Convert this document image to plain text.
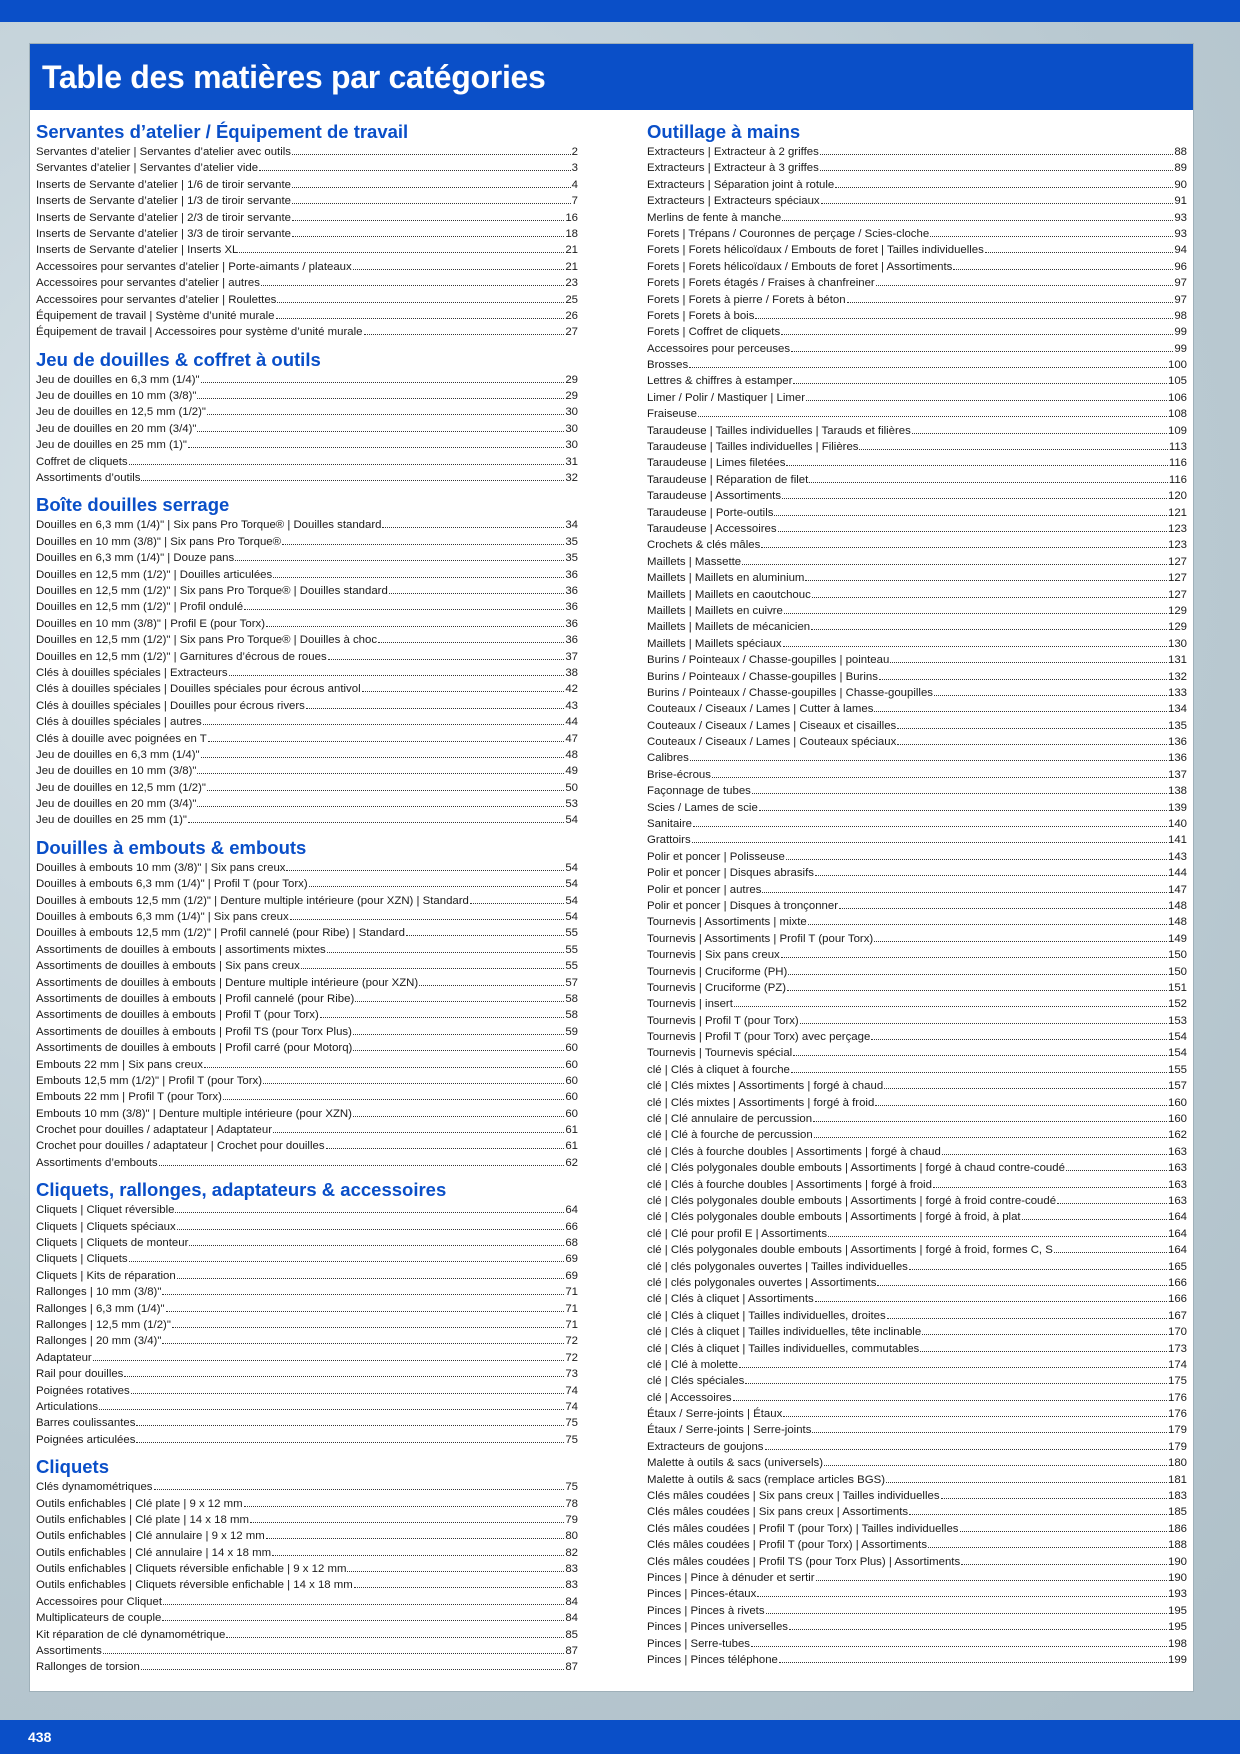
Table des matières par catégories
Servantes d’atelier / Équipement de travail
Servantes d’atelier | Servantes d’atelier avec outils	2
Servantes d’atelier | Servantes d’atelier vide	3
Inserts de Servante d’atelier | 1/6 de tiroir servante	4
Inserts de Servante d’atelier | 1/3 de tiroir servante	7
Inserts de Servante d’atelier | 2/3 de tiroir servante	16
Inserts de Servante d’atelier | 3/3 de tiroir servante	18
Inserts de Servante d’atelier | Inserts XL	21
Accessoires pour servantes d’atelier | Porte-aimants / plateaux	21
Accessoires pour servantes d’atelier | autres	23
Accessoires pour servantes d’atelier | Roulettes	25
Équipement de travail | Système d’unité murale	26
Équipement de travail | Accessoires pour système d’unité murale	27
Jeu de douilles & coffret à outils
Jeu de douilles en 6,3 mm (1/4)"	29
Jeu de douilles en 10 mm (3/8)"	29
Jeu de douilles en 12,5 mm (1/2)"	30
Jeu de douilles en 20 mm (3/4)"	30
Jeu de douilles en 25 mm (1)"	30
Coffret de cliquets	31
Assortiments d’outils	32
Boîte douilles serrage
Douilles en 6,3 mm (1/4)" | Six pans Pro Torque® | Douilles standard	34
Douilles en 10 mm (3/8)" | Six pans Pro Torque®	35
Douilles en 6,3 mm (1/4)" | Douze pans	35
Douilles en 12,5 mm (1/2)" | Douilles articulées	36
Douilles en 12,5 mm (1/2)" | Six pans Pro Torque® | Douilles standard	36
Douilles en 12,5 mm (1/2)" | Profil ondulé	36
Douilles en 10 mm (3/8)" | Profil E (pour Torx)	36
Douilles en 12,5 mm (1/2)" | Six pans Pro Torque® | Douilles à choc	36
Douilles en 12,5 mm (1/2)" | Garnitures d’écrous de roues	37
Clés à douilles spéciales | Extracteurs	38
Clés à douilles spéciales | Douilles spéciales pour écrous antivol	42
Clés à douilles spéciales | Douilles pour écrous rivers	43
Clés à douilles spéciales | autres	44
Clés à douille avec poignées en T	47
Jeu de douilles en 6,3 mm (1/4)"	48
Jeu de douilles en 10 mm (3/8)"	49
Jeu de douilles en 12,5 mm (1/2)"	50
Jeu de douilles en 20 mm (3/4)"	53
Jeu de douilles en 25 mm (1)"	54
Douilles à embouts & embouts
Douilles à embouts 10 mm (3/8)" | Six pans creux	54
Douilles à embouts 6,3 mm (1/4)" | Profil T (pour Torx)	54
Douilles à embouts 12,5 mm (1/2)" | Denture multiple intérieure (pour XZN) | Standard	54
Douilles à embouts 6,3 mm (1/4)" | Six pans creux	54
Douilles à embouts 12,5 mm (1/2)" | Profil cannelé (pour Ribe) | Standard	55
Assortiments de douilles à embouts | assortiments mixtes	55
Assortiments de douilles à embouts | Six pans creux	55
Assortiments de douilles à embouts | Denture multiple intérieure (pour XZN)	57
Assortiments de douilles à embouts | Profil cannelé (pour Ribe)	58
Assortiments de douilles à embouts | Profil T (pour Torx)	58
Assortiments de douilles à embouts | Profil TS (pour Torx Plus)	59
Assortiments de douilles à embouts | Profil carré (pour Motorq)	60
Embouts 22 mm | Six pans creux	60
Embouts 12,5 mm (1/2)" | Profil T (pour Torx)	60
Embouts 22 mm | Profil T (pour Torx)	60
Embouts 10 mm (3/8)" | Denture multiple intérieure (pour XZN)	60
Crochet pour douilles / adaptateur | Adaptateur	61
Crochet pour douilles / adaptateur | Crochet pour douilles	61
Assortiments d’embouts	62
Cliquets, rallonges, adaptateurs & accessoires
Cliquets | Cliquet réversible	64
Cliquets | Cliquets spéciaux	66
Cliquets | Cliquets de monteur	68
Cliquets | Cliquets	69
Cliquets | Kits de réparation	69
Rallonges | 10 mm (3/8)"	71
Rallonges | 6,3 mm (1/4)"	71
Rallonges | 12,5 mm (1/2)"	71
Rallonges | 20 mm (3/4)"	72
Adaptateur	72
Rail pour douilles	73
Poignées rotatives	74
Articulations	74
Barres coulissantes	75
Poignées articulées	75
Cliquets
Clés dynamométriques	75
Outils enfichables | Clé plate | 9 x 12 mm	78
Outils enfichables | Clé plate | 14 x 18 mm	79
Outils enfichables | Clé annulaire | 9 x 12 mm	80
Outils enfichables | Clé annulaire | 14 x 18 mm	82
Outils enfichables | Cliquets réversible enfichable | 9 x 12 mm	83
Outils enfichables | Cliquets réversible enfichable | 14 x 18 mm	83
Accessoires pour Cliquet	84
Multiplicateurs de couple	84
Kit réparation de clé dynamométrique	85
Assortiments	87
Rallonges de torsion	87
Outillage à mains
Extracteurs | Extracteur à 2 griffes	88
Extracteurs | Extracteur à 3 griffes	89
Extracteurs | Séparation joint à rotule	90
Extracteurs | Extracteurs spéciaux	91
Merlins de fente à manche	93
Forets | Trépans / Couronnes de perçage / Scies-cloche	93
Forets | Forets hélicoïdaux / Embouts de foret | Tailles individuelles	94
Forets | Forets hélicoïdaux / Embouts de foret | Assortiments	96
Forets | Forets étagés / Fraises à chanfreiner	97
Forets | Forets à pierre / Forets à béton	97
Forets | Forets à bois	98
Forets | Coffret de cliquets	99
Accessoires pour perceuses	99
Brosses	100
Lettres & chiffres à estamper	105
Limer / Polir / Mastiquer | Limer	106
Fraiseuse	108
Taraudeuse | Tailles individuelles | Tarauds et filières	109
Taraudeuse | Tailles individuelles | Filières	113
Taraudeuse | Limes filetées	116
Taraudeuse | Réparation de filet	116
Taraudeuse | Assortiments	120
Taraudeuse | Porte-outils	121
Taraudeuse | Accessoires	123
Crochets & clés mâles	123
Maillets | Massette	127
Maillets | Maillets en aluminium	127
Maillets | Maillets en caoutchouc	127
Maillets | Maillets en cuivre	129
Maillets | Maillets de mécanicien	129
Maillets | Maillets spéciaux	130
Burins / Pointeaux / Chasse-goupilles | pointeau	131
Burins / Pointeaux / Chasse-goupilles | Burins	132
Burins / Pointeaux / Chasse-goupilles | Chasse-goupilles	133
Couteaux / Ciseaux / Lames | Cutter à lames	134
Couteaux / Ciseaux / Lames | Ciseaux et cisailles	135
Couteaux / Ciseaux / Lames | Couteaux spéciaux	136
Calibres	136
Brise-écrous	137
Façonnage de tubes	138
Scies / Lames de scie	139
Sanitaire	140
Grattoirs	141
Polir et poncer | Polisseuse	143
Polir et poncer | Disques abrasifs	144
Polir et poncer | autres	147
Polir et poncer | Disques à tronçonner	148
Tournevis | Assortiments | mixte	148
Tournevis | Assortiments | Profil T (pour Torx)	149
Tournevis | Six pans creux	150
Tournevis | Cruciforme (PH)	150
Tournevis | Cruciforme (PZ)	151
Tournevis | insert	152
Tournevis | Profil T (pour Torx)	153
Tournevis | Profil T (pour Torx) avec perçage	154
Tournevis | Tournevis spécial	154
clé | Clés à cliquet à fourche	155
clé | Clés mixtes | Assortiments | forgé à chaud	157
clé | Clés mixtes | Assortiments | forgé à froid	160
clé | Clé annulaire de percussion	160
clé | Clé à fourche de percussion	162
clé | Clés à fourche doubles | Assortiments | forgé à chaud	163
clé | Clés polygonales double embouts | Assortiments | forgé à chaud contre-coudé	163
clé | Clés à fourche doubles | Assortiments | forgé à froid	163
clé | Clés polygonales double embouts | Assortiments | forgé à froid contre-coudé	163
clé | Clés polygonales double embouts | Assortiments | forgé à froid, à plat	164
clé | Clé pour profil E | Assortiments	164
clé | Clés polygonales double embouts | Assortiments | forgé à froid, formes C, S	164
clé | clés polygonales ouvertes | Tailles individuelles	165
clé | clés polygonales ouvertes | Assortiments	166
clé | Clés à cliquet | Assortiments	166
clé | Clés à cliquet | Tailles individuelles, droites	167
clé | Clés à cliquet | Tailles individuelles, tête inclinable	170
clé | Clés à cliquet | Tailles individuelles, commutables	173
clé | Clé à molette	174
clé | Clés spéciales	175
clé | Accessoires	176
Étaux / Serre-joints | Étaux	176
Étaux / Serre-joints | Serre-joints	179
Extracteurs de goujons	179
Malette à outils & sacs (universels)	180
Malette à outils & sacs (remplace articles BGS)	181
Clés mâles coudées | Six pans creux | Tailles individuelles	183
Clés mâles coudées | Six pans creux | Assortiments	185
Clés mâles coudées | Profil T (pour Torx) | Tailles individuelles	186
Clés mâles coudées | Profil T (pour Torx) | Assortiments	188
Clés mâles coudées | Profil TS (pour Torx Plus) | Assortiments	190
Pinces | Pince à dénuder et sertir	190
Pinces | Pinces-étaux	193
Pinces | Pinces à rivets	195
Pinces | Pinces universelles	195
Pinces | Serre-tubes	198
Pinces | Pinces téléphone	199
438
